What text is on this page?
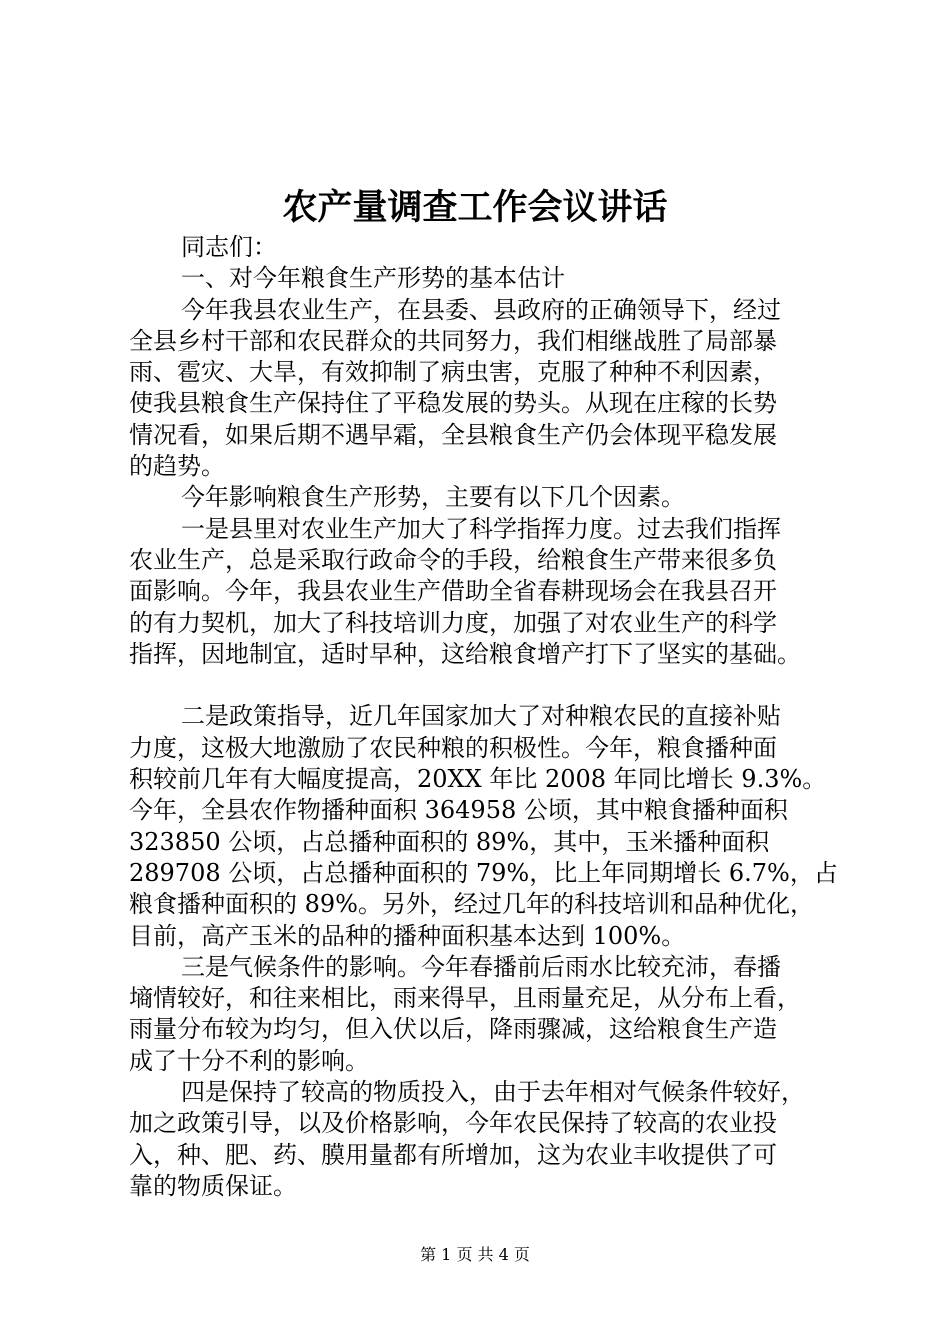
农产量调查工作会议讲话
同志们：
一、对今年粮食生产形势的基本估计
今年我县农业生产，在县委、县政府的正确领导下，经过
全县乡村干部和农民群众的共同努力，我们相继战胜了局部暴
雨、雹灾、大旱，有效抑制了病虫害，克服了种种不利因素，
使我县粮食生产保持住了平稳发展的势头。从现在庄稼的长势
情况看，如果后期不遇早霜，全县粮食生产仍会体现平稳发展
的趋势。
今年影响粮食生产形势，主要有以下几个因素。
一是县里对农业生产加大了科学指挥力度。过去我们指挥
农业生产，总是采取行政命令的手段，给粮食生产带来很多负
面影响。今年，我县农业生产借助全省春耕现场会在我县召开
的有力契机，加大了科技培训力度，加强了对农业生产的科学
指挥，因地制宜，适时早种，这给粮食增产打下了坚实的基础。
二是政策指导，近几年国家加大了对种粮农民的直接补贴
力度，这极大地激励了农民种粮的积极性。今年，粮食播种面
积较前几年有大幅度提高，20XX 年比 2008 年同比增长 9.3%。
今年，全县农作物播种面积 364958 公顷，其中粮食播种面积
323850 公顷，占总播种面积的 89%，其中，玉米播种面积
289708 公顷，占总播种面积的 79%，比上年同期增长 6.7%，占
粮食播种面积的 89%。另外，经过几年的科技培训和品种优化，
目前，高产玉米的品种的播种面积基本达到 100%。
三是气候条件的影响。今年春播前后雨水比较充沛，春播
墒情较好，和往来相比，雨来得早，且雨量充足，从分布上看，
雨量分布较为均匀，但入伏以后，降雨骤减，这给粮食生产造
成了十分不利的影响。
四是保持了较高的物质投入，由于去年相对气候条件较好，
加之政策引导，以及价格影响，今年农民保持了较高的农业投
入，种、肥、药、膜用量都有所增加，这为农业丰收提供了可
靠的物质保证。
第 1 页 共 4 页
